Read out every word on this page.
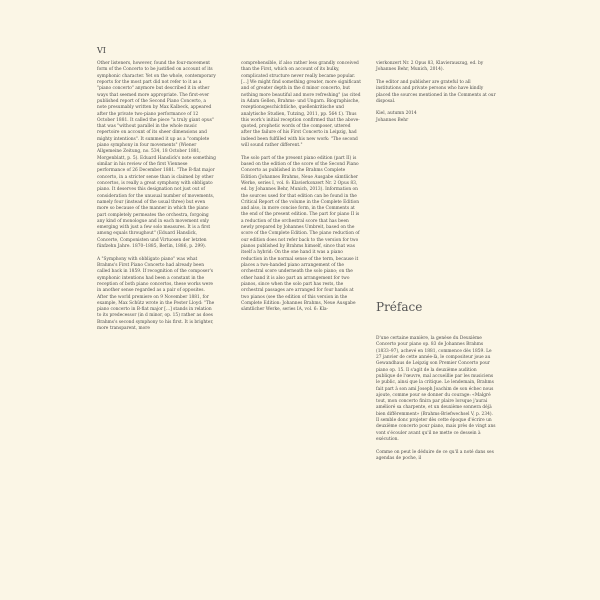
VI

Other listeners, however, found the four-movement form of the Concerto to be justified on account of its symphonic character. Yet on the whole, contemporary reports for the most part did not refer to it as a "piano concerto" anymore but described it in other ways that seemed more appropriate. The first-ever published report of the Second Piano Concerto, a note presumably written by Max Kalbeck, appeared after the private two-piano performance of 12 October 1881. It called the piece "a truly giant opus" that was "without parallel in the whole music repertoire on account of its sheer dimensions and mighty intentions". It summed it up as a "complete piano symphony in four movements" (Wiener Allgemeine Zeitung, no. 534, 18 October 1881, Morgenblatt, p. 5). Eduard Hanslick's note something similar in his review of the first Viennese performance of 26 December 1881. "The B-flat major concerto, in a stricter sense than is claimed by other concertos, is really a great symphony with obbligato piano. It deserves this designation not just out of consideration for the unusual number of movements, namely four (instead of the usual three) but even more so because of the manner in which the piano part completely permeates the orchestra, forgoing any kind of monologue and in each movement only emerging with just a few solo measures. It is a first among equals throughout" (Eduard Hanslick, Concerte, Componisten und Virtuosen der letzten fünfzehn Jahre. 1870–1885, Berlin, 1886, p. 299).

A "Symphony with obbligato piano" was what Brahms's First Piano Concerto had already been called back in 1859. If recognition of the composer's symphonic intentions had been a constant in the reception of both piano concertos, these works were in another sense regarded as a pair of opposites. After the world premiere on 9 November 1881, for example, Max Schütz wrote in the Pester Lloyd: "The piano concerto in B-flat major [...] stands in relation to its predecessor (in d minor, op. 15) rather as does Brahms's second symphony to his first. It is brighter, more transparent, more

comprehensible, if also rather less grandly conceived than the First, which on account of its bulky, complicated structure never really became popular. [...] We might find something greater, more significant and of greater depth in the d minor concerto, but nothing more beautiful and more refreshing" (as cited in Adam Gellen, Brahms- und Ungarn. Biographische, rezeptionsgeschichtliche, quellenkritische und analytische Studien, Tutzing, 2011, pp. 564 f.). Thus this work's initial reception confirmed that the above-quoted, prophetic words of the composer, uttered after the failure of his First Concerto in Leipzig, had indeed been fulfilled with his new work: "The second will sound rather different."

The solo part of the present piano edition (part II) is based on the edition of the score of the Second Piano Concerto as published in the Brahms Complete Edition (Johannes Brahms, Neue Ausgabe sämtlicher Werke, series I, vol. 8: Klavierkonzert Nr. 2 Opus 83, ed. by Johannes Behr, Munich, 2013). Information on the sources used for that edition can be found in the Critical Report of the volume in the Complete Edition and also, in more concise form, in the Comments at the end of the present edition. The part for piano II is a reduction of the orchestral score that has been newly prepared by Johannes Umbreit, based on the score of the Complete Edition. The piano reduction of our edition does not refer back to the version for two pianos published by Brahms himself, since that was itself a hybrid: On the one hand it was a piano reduction in the normal sense of the term, because it places a two-handed piano arrangement of the orchestral score underneath the solo piano; on the other hand it is also part an arrangement for two pianos, since when the solo part has rests, the orchestral passages are arranged for four hands at two pianos (see the edition of this version in the Complete Edition: Johannes Brahms, Neue Ausgabe sämtlicher Werke, series IA, vol. 6: Kla-

vierkonzert Nr. 2 Opus 83, Klavierauszug, ed. by Johannes Behr, Munich, 2014).

The editor and publisher are grateful to all institutions and private persons who have kindly placed the sources mentioned in the Comments at our disposal.

Kiel, autumn 2014
Johannes Behr

Préface

D'une certaine manière, la genèse du Deuxième Concerto pour piano op. 83 de Johannes Brahms (1833–97), achevé en 1881, commence dès 1859. Le 27 janvier de cette année-là, le compositeur joue au Gewandhaus de Leipzig son Premier Concerto pour piano op. 15. Il s'agit de la deuxième audition publique de l'œuvre, mal accueillie par les musiciens le public, ainsi que la critique. Le lendemain, Brahms fait part à son ami Joseph Joachim de son échec nous ajoute, comme pour se donner du courage: «Malgré tout, mon concerto finira par plaire lorsque j'aurai amélioré sa charpente, et un deuxième sonnera déjà bien différemment» (Brahms-Briefwechsel V, p. 234). Il semble donc projeter dès cette époque d'écrire un deuxième concerto pour piano, mais près de vingt ans vont s'écouler avant qu'il ne mette ce dessein à exécution.

Comme on peut le déduire de ce qu'il a noté dans ses agendas de poche, il
